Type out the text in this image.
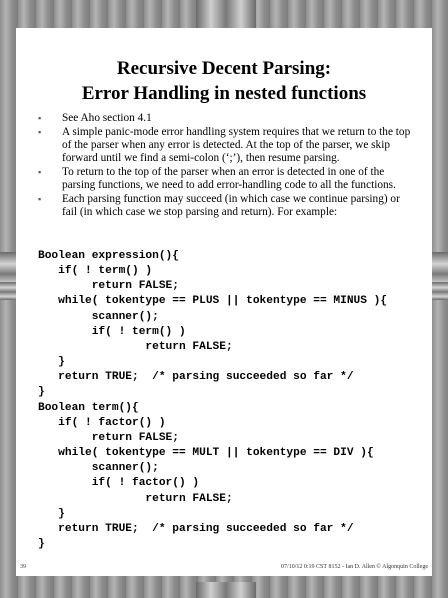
Recursive Decent Parsing:
Error Handling in nested functions
▪ See Aho section 4.1
▪ A simple panic-mode error handling system requires that we return to the top of the parser when any error is detected. At the top of the parser, we skip forward until we find a semi-colon (‘;’), then resume parsing.
▪ To return to the top of the parser when an error is detected in one of the parsing functions, we need to add error-handling code to all the functions.
▪ Each parsing function may succeed (in which case we continue parsing) or fail (in which case we stop parsing and return). For example:
Boolean expression(){
if( ! term() )
return FALSE;
while( tokentype == PLUS || tokentype == MINUS ){
scanner();
if( ! term() )
return FALSE;
}
return TRUE;  /* parsing succeeded so far */
}
Boolean term(){
if( ! factor() )
return FALSE;
while( tokentype == MULT || tokentype == DIV ){
scanner();
if( ! factor() )
return FALSE;
}
return TRUE;  /* parsing succeeded so far */
}
39	07/10/12 0:19 CST 8152 - Ian D. Allen © Algonquin College
